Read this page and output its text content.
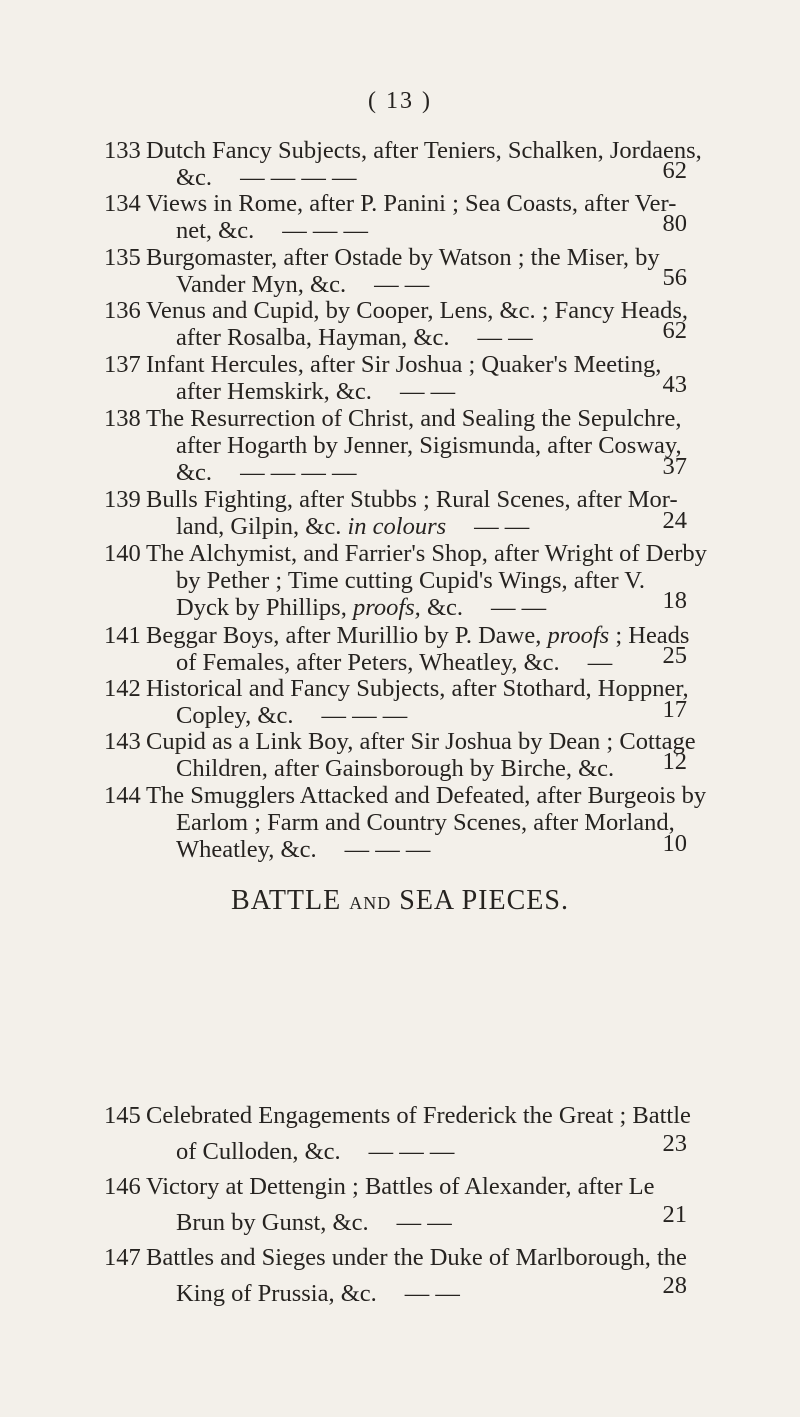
( 13 )
133 Dutch Fancy Subjects, after Teniers, Schalken, Jordaens,
&c. — — — —	62
134 Views in Rome, after P. Panini ; Sea Coasts, after Ver-
net, &c. — — —	80
135 Burgomaster, after Ostade by Watson ; the Miser, by
Vander Myn, &c. — —	56
136 Venus and Cupid, by Cooper, Lens, &c. ; Fancy Heads,
after Rosalba, Hayman, &c. — —	62
137 Infant Hercules, after Sir Joshua ; Quaker's Meeting,
after Hemskirk, &c. — —	43
138 The Resurrection of Christ, and Sealing the Sepulchre,
after Hogarth by Jenner, Sigismunda, after Cosway,
&c. — — — —	37
139 Bulls Fighting, after Stubbs ; Rural Scenes, after Mor-
land, Gilpin, &c. in colours — —	24
140 The Alchymist, and Farrier's Shop, after Wright of Derby
by Pether ; Time cutting Cupid's Wings, after V.
Dyck by Phillips, proofs, &c. — —	18
141 Beggar Boys, after Murillio by P. Dawe, proofs ; Heads
of Females, after Peters, Wheatley, &c. —	25
142 Historical and Fancy Subjects, after Stothard, Hoppner,
Copley, &c. — — —	17
143 Cupid as a Link Boy, after Sir Joshua by Dean ; Cottage
Children, after Gainsborough by Birche, &c.	12
144 The Smugglers Attacked and Defeated, after Burgeois by
Earlom ; Farm and Country Scenes, after Morland,
Wheatley, &c. — — —	10
BATTLE AND SEA PIECES.
145 Celebrated Engagements of Frederick the Great ; Battle
of Culloden, &c. — — —	23
146 Victory at Dettengin ; Battles of Alexander, after Le
Brun by Gunst, &c. — —	21
147 Battles and Sieges under the Duke of Marlborough, the
King of Prussia, &c. — —	28
